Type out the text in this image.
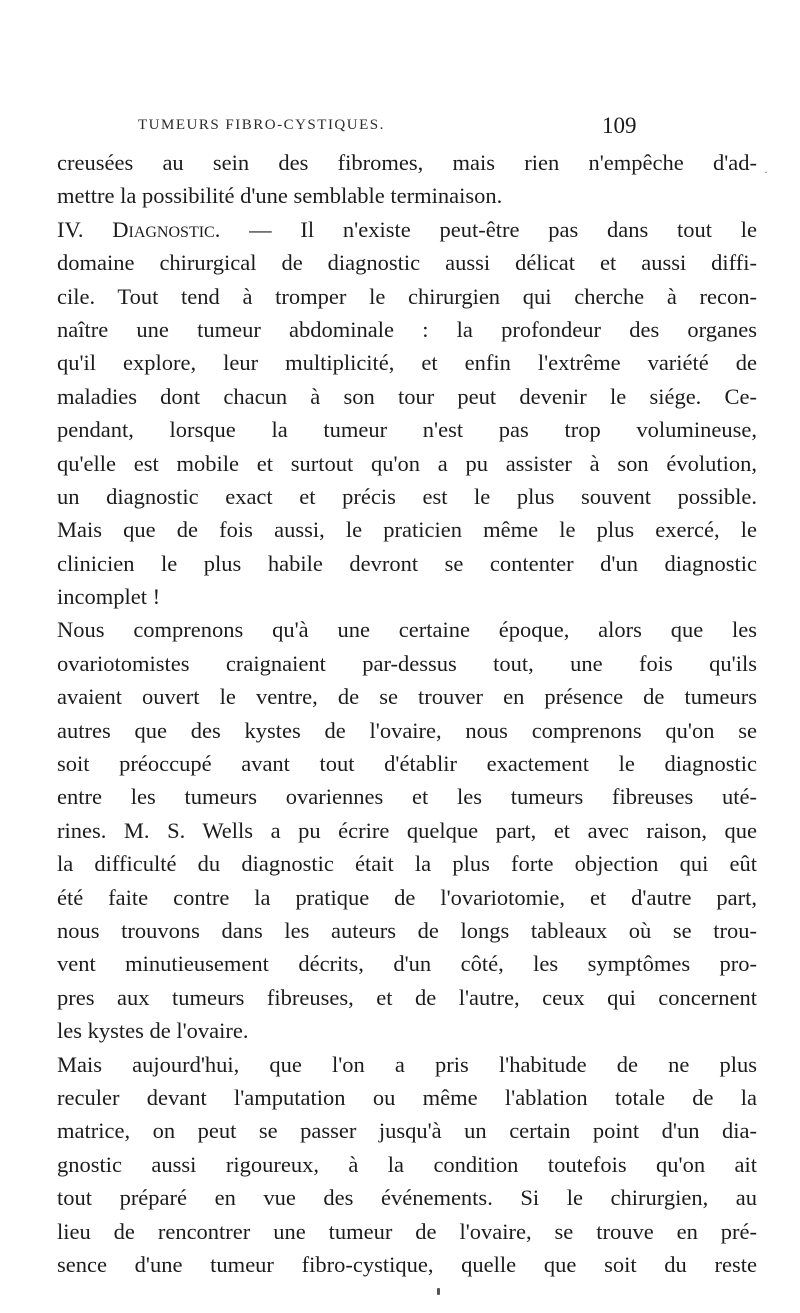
TUMEURS FIBRO-CYSTIQUES.	109
˯
creusées au sein des fibromes, mais rien n'empêche d'ad-
mettre la possibilité d'une semblable terminaison.
IV. Diagnostic. — Il n'existe peut-être pas dans tout le
domaine chirurgical de diagnostic aussi délicat et aussi diffi-
cile. Tout tend à tromper le chirurgien qui cherche à recon-
naître une tumeur abdominale : la profondeur des organes
qu'il explore, leur multiplicité, et enfin l'extrême variété de
maladies dont chacun à son tour peut devenir le siége. Ce-
pendant, lorsque la tumeur n'est pas trop volumineuse,
qu'elle est mobile et surtout qu'on a pu assister à son évolution,
un diagnostic exact et précis est le plus souvent possible.
Mais que de fois aussi, le praticien même le plus exercé, le
clinicien le plus habile devront se contenter d'un diagnostic
incomplet !
Nous comprenons qu'à une certaine époque, alors que les
ovariotomistes craignaient par-dessus tout, une fois qu'ils
avaient ouvert le ventre, de se trouver en présence de tumeurs
autres que des kystes de l'ovaire, nous comprenons qu'on se
soit préoccupé avant tout d'établir exactement le diagnostic
entre les tumeurs ovariennes et les tumeurs fibreuses uté-
rines. M. S. Wells a pu écrire quelque part, et avec raison, que
la difficulté du diagnostic était la plus forte objection qui eût
été faite contre la pratique de l'ovariotomie, et d'autre part,
nous trouvons dans les auteurs de longs tableaux où se trou-
vent minutieusement décrits, d'un côté, les symptômes pro-
pres aux tumeurs fibreuses, et de l'autre, ceux qui concernent
les kystes de l'ovaire.
Mais aujourd'hui, que l'on a pris l'habitude de ne plus
reculer devant l'amputation ou même l'ablation totale de la
matrice, on peut se passer jusqu'à un certain point d'un dia-
gnostic aussi rigoureux, à la condition toutefois qu'on ait
tout préparé en vue des événements. Si le chirurgien, au
lieu de rencontrer une tumeur de l'ovaire, se trouve en pré-
sence d'une tumeur fibro-cystique, quelle que soit du reste
